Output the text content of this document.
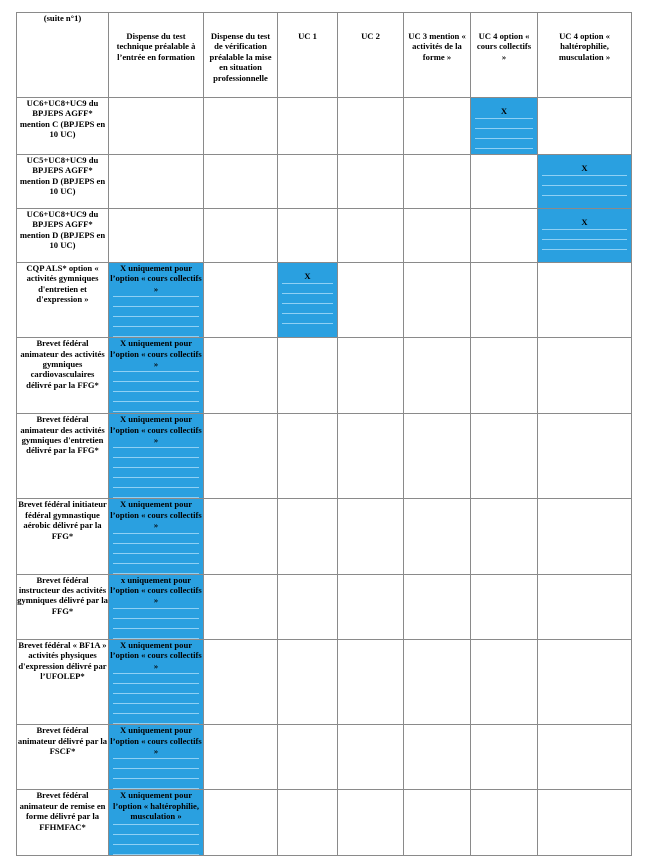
(suite n°1)	Dispense du test technique préalable à l’entrée en formation	Dispense du test de vérification préalable la mise en situation professionnelle	UC 1	UC 2	UC 3 mention « activités de la forme »	UC 4 option « cours collectifs »	UC 4 option « haltérophilie, musculation »

UC6+UC8+UC9 du BPJEPS AGFF* mention C (BPJEPS en 10 UC)						X	

UC5+UC8+UC9 du BPJEPS AGFF* mention D (BPJEPS en 10 UC)							X

UC6+UC8+UC9 du BPJEPS AGFF* mention D (BPJEPS en 10 UC)							X

CQP ALS* option « activités gymniques d'entretien et d'expression »	X uniquement pour l’option « cours collectifs »		X				

Brevet fédéral animateur des activités gymniques cardiovasculaires délivré par la FFG*	X uniquement pour l’option « cours collectifs »						

Brevet fédéral animateur des activités gymniques d'entretien délivré par la FFG*	X uniquement pour l’option « cours collectifs »						

Brevet fédéral initiateur fédéral gymnastique aérobic délivré par la FFG*	X uniquement pour l’option « cours collectifs »						

Brevet fédéral instructeur des activités gymniques délivré par la FFG*	x uniquement pour l’option « cours collectifs »						

Brevet fédéral « BF1A » activités physiques d'expression délivré par l’UFOLEP*	X uniquement pour l’option « cours collectifs »						

Brevet fédéral animateur délivré par la FSCF*	X uniquement pour l’option « cours collectifs »						

Brevet fédéral animateur de remise en forme délivré par la FFHMFAC*	X uniquement pour l’option « haltérophilie, musculation »						
